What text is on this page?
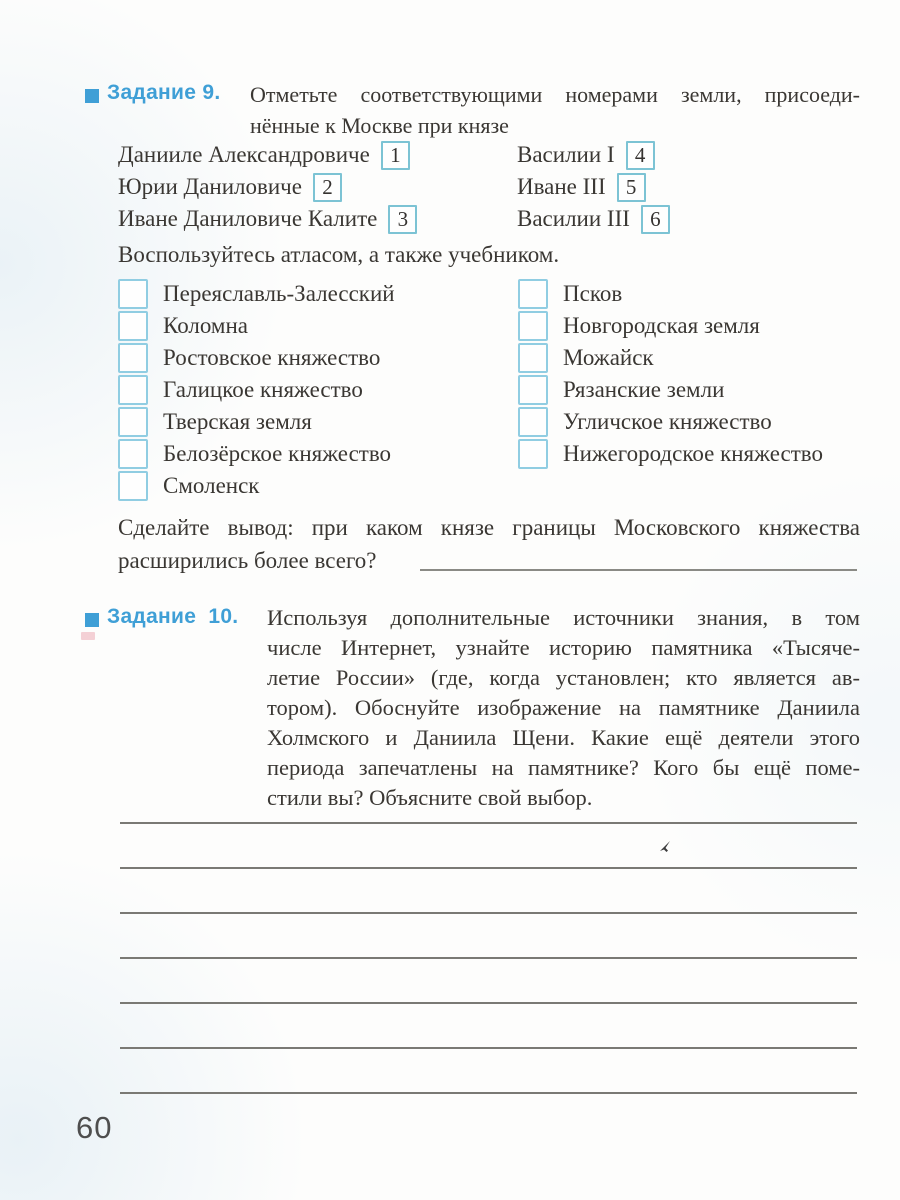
Задание 9. Отметьте соответствующими номерами земли, присоеди-
нённые к Москве при князе
Данииле Александровиче 1
Юрии Даниловиче 2
Иване Даниловиче Калите 3
Василии I 4
Иване III 5
Василии III 6
Воспользуйтесь атласом, а также учебником.
Переяславль-Залесский
Коломна
Ростовское княжество
Галицкое княжество
Тверская земля
Белозёрское княжество
Смоленск
Псков
Новгородская земля
Можайск
Рязанские земли
Угличское княжество
Нижегородское княжество
Сделайте вывод: при каком князе границы Московского княжества
расширились более всего?
Задание 10. Используя дополнительные источники знания, в том
числе Интернет, узнайте историю памятника «Тысяче-
летие России» (где, когда установлен; кто является ав-
тором). Обоснуйте изображение на памятнике Даниила
Холмского и Даниила Щени. Какие ещё деятели этого
периода запечатлены на памятнике? Кого бы ещё поме-
стили вы? Объясните свой выбор.
60
